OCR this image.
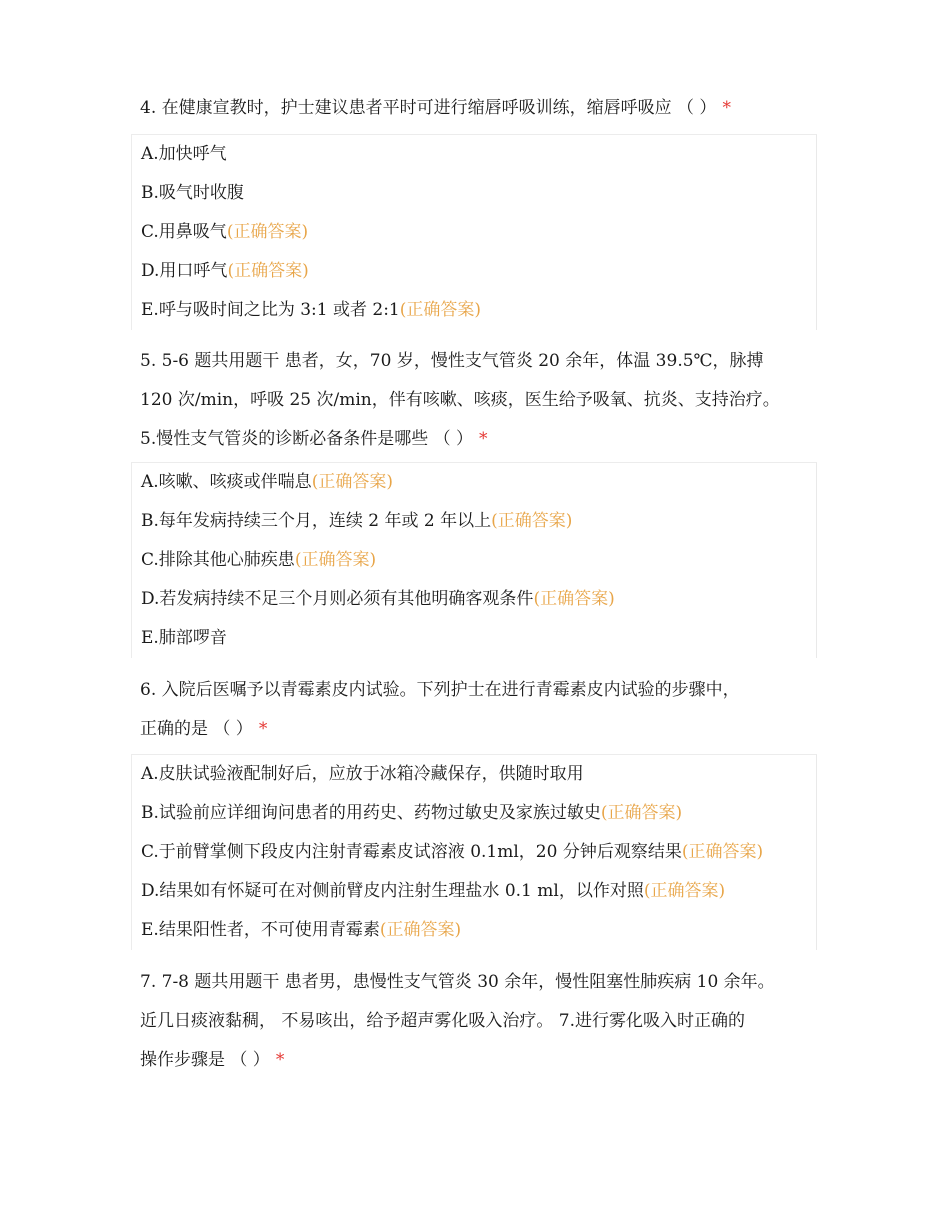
4. 在健康宣教时，护士建议患者平时可进行缩唇呼吸训练，缩唇呼吸应 （ ） *
A.加快呼气
B.吸气时收腹
C.用鼻吸气(正确答案)
D.用口呼气(正确答案)
E.呼与吸时间之比为 3:1 或者 2:1(正确答案)
5. 5-6 题共用题干 患者，女，70 岁，慢性支气管炎 20 余年，体温 39.5℃，脉搏
120 次/min，呼吸 25 次/min，伴有咳嗽、咳痰，医生给予吸氧、抗炎、支持治疗。
5.慢性支气管炎的诊断必备条件是哪些 （ ） *
A.咳嗽、咳痰或伴喘息(正确答案)
B.每年发病持续三个月，连续 2 年或 2 年以上(正确答案)
C.排除其他心肺疾患(正确答案)
D.若发病持续不足三个月则必须有其他明确客观条件(正确答案)
E.肺部啰音
6. 入院后医嘱予以青霉素皮内试验。下列护士在进行青霉素皮内试验的步骤中，
正确的是 （ ） *
A.皮肤试验液配制好后，应放于冰箱冷藏保存，供随时取用
B.试验前应详细询问患者的用药史、药物过敏史及家族过敏史(正确答案)
C.于前臂掌侧下段皮内注射青霉素皮试溶液 0.1ml，20 分钟后观察结果(正确答案)
D.结果如有怀疑可在对侧前臂皮内注射生理盐水 0.1 ml，以作对照(正确答案)
E.结果阳性者，不可使用青霉素(正确答案)
7. 7-8 题共用题干 患者男，患慢性支气管炎 30 余年，慢性阻塞性肺疾病 10 余年。
近几日痰液黏稠， 不易咳出，给予超声雾化吸入治疗。 7.进行雾化吸入时正确的
操作步骤是 （ ） *
